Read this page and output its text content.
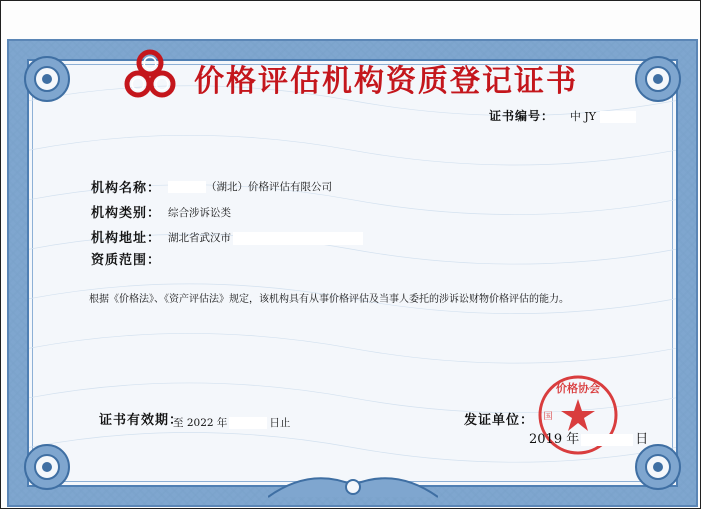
价格评估机构资质登记证书
证书编号： 中 JY
机构名称：	（湖北）价格评估有限公司
机构类别： 综合涉诉讼类
机构地址： 湖北省武汉市
资质范围：
根据《价格法》、《资产评估法》规定，该机构具有从事价格评估及当事人委托的涉诉讼财物价格评估的能力。
证书有效期：
至 2022 年	日止	发证单位：
价格协会
国
2019 年	日
